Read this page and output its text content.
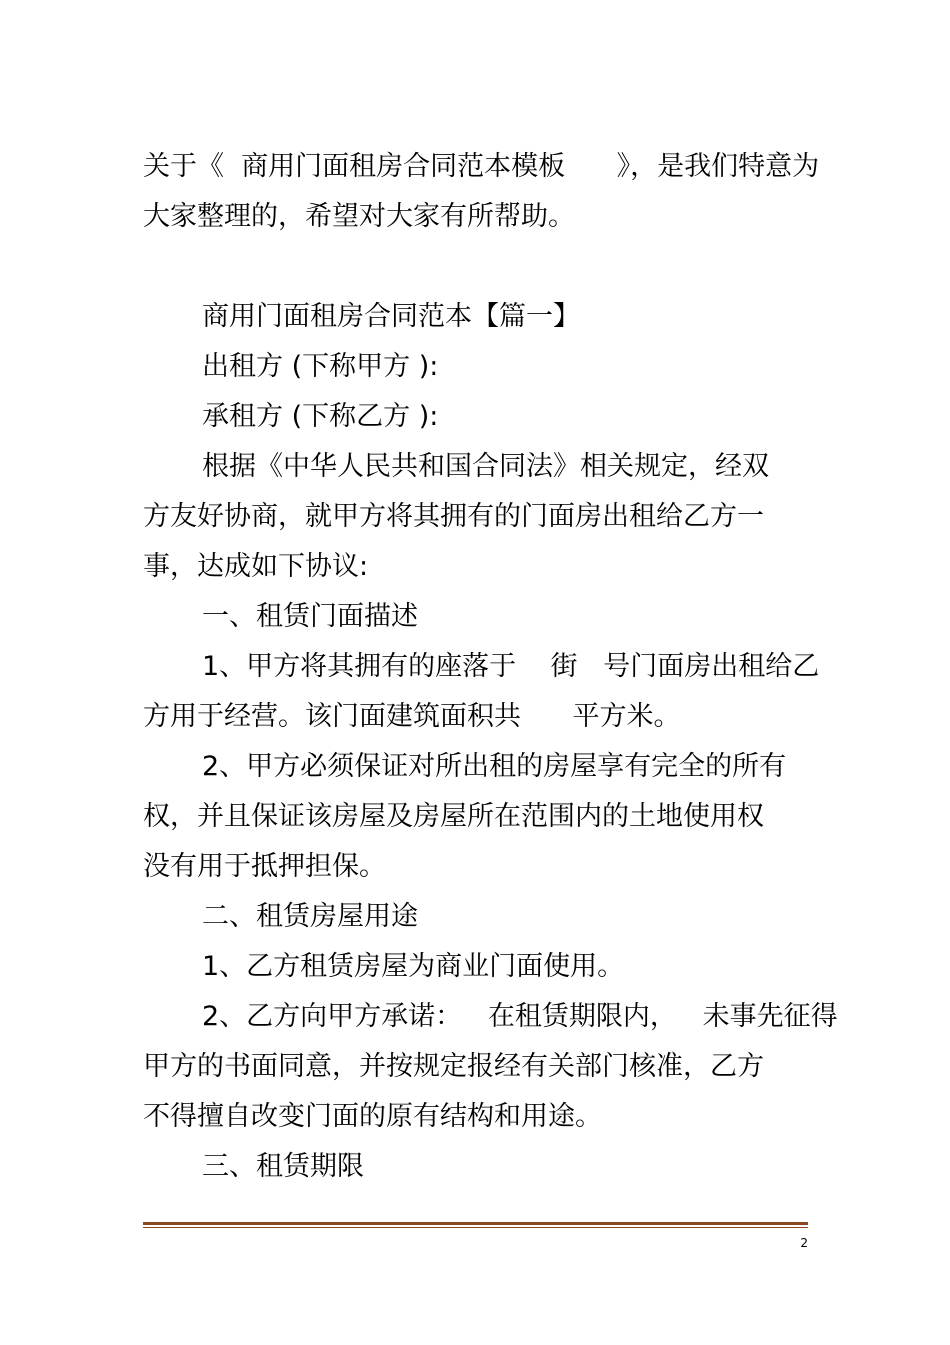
关于《  商用门面租房合同范本模板      》，是我们特意为
大家整理的，希望对大家有所帮助。
商用门面租房合同范本【篇一】
出租方 (下称甲方 ):
承租方 (下称乙方 ):
根据《中华人民共和国合同法》相关规定，经双
方友好协商，就甲方将其拥有的门面房出租给乙方一
事，达成如下协议:
一、租赁门面描述
1、甲方将其拥有的座落于    街   号门面房出租给乙
方用于经营。该门面建筑面积共      平方米。
2、甲方必须保证对所出租的房屋享有完全的所有
权，并且保证该房屋及房屋所在范围内的土地使用权
没有用于抵押担保。
二、租赁房屋用途
1、乙方租赁房屋为商业门面使用。
2、乙方向甲方承诺：   在租赁期限内，   未事先征得
甲方的书面同意，并按规定报经有关部门核准，乙方
不得擅自改变门面的原有结构和用途。
三、租赁期限
2
